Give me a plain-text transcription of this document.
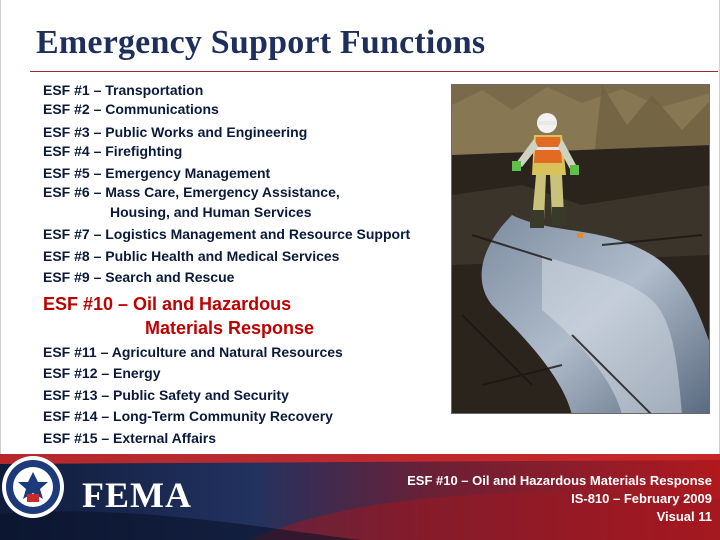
Emergency Support Functions
ESF #1 – Transportation
ESF #2 – Communications
ESF #3 – Public Works and Engineering
ESF #4 – Firefighting
ESF #5 – Emergency Management
ESF #6 – Mass Care, Emergency Assistance,
Housing, and Human Services
ESF #7 – Logistics Management and Resource Support
ESF #8 – Public Health and Medical Services
ESF #9 – Search and Rescue
ESF #10 – Oil and Hazardous
Materials Response
ESF #11 – Agriculture and Natural Resources
ESF #12 – Energy
ESF #13 – Public Safety and Security
ESF #14 – Long-Term Community Recovery
ESF #15 – External Affairs
FEMA	ESF #10 – Oil and Hazardous Materials Response
IS-810 – February 2009
Visual 11
